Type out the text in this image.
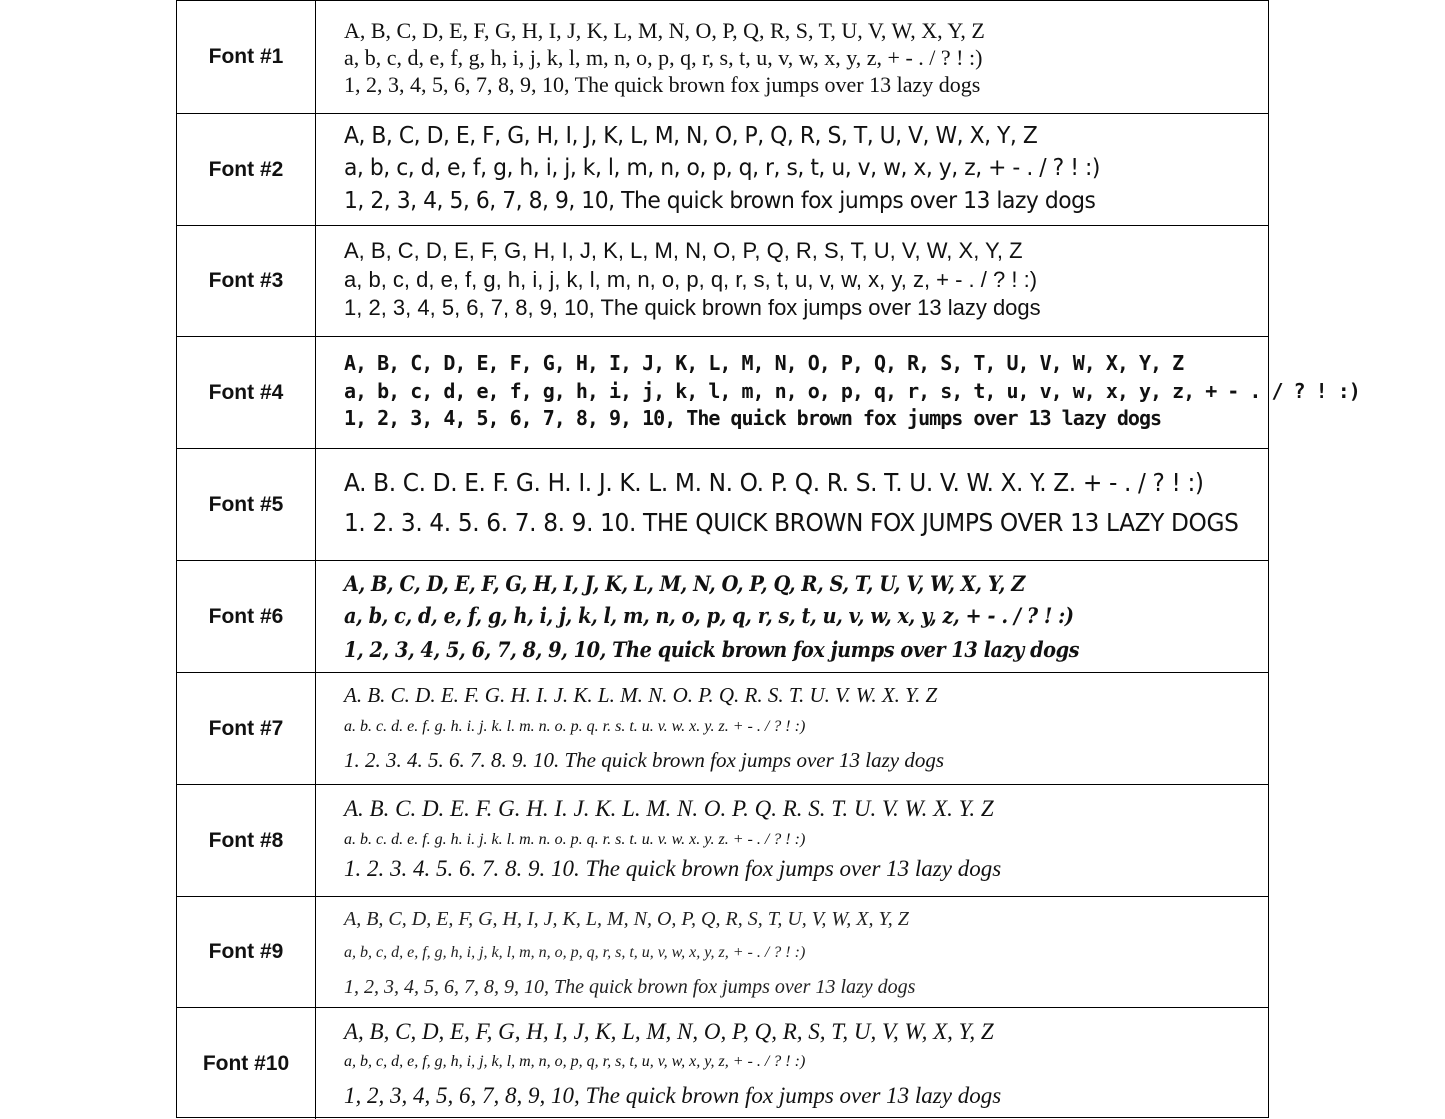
Font #1
A, B, C, D, E, F, G, H, I, J, K, L, M, N, O, P, Q, R, S, T, U, V, W, X, Y, Z
a, b, c, d, e, f, g, h, i, j, k, l, m, n, o, p, q, r, s, t, u, v, w, x, y, z, + - . / ? ! :)
1, 2, 3, 4, 5, 6, 7, 8, 9, 10, The quick brown fox jumps over 13 lazy dogs
Font #2
A, B, C, D, E, F, G, H, I, J, K, L, M, N, O, P, Q, R, S, T, U, V, W, X, Y, Z
a, b, c, d, e, f, g, h, i, j, k, l, m, n, o, p, q, r, s, t, u, v, w, x, y, z, + - . / ? ! :)
1, 2, 3, 4, 5, 6, 7, 8, 9, 10, The quick brown fox jumps over 13 lazy dogs
Font #3
A, B, C, D, E, F, G, H, I, J, K, L, M, N, O, P, Q, R, S, T, U, V, W, X, Y, Z
a, b, c, d, e, f, g, h, i, j, k, l, m, n, o, p, q, r, s, t, u, v, w, x, y, z, + - . / ? ! :)
1, 2, 3, 4, 5, 6, 7, 8, 9, 10, The quick brown fox jumps over 13 lazy dogs
Font #4
A, B, C, D, E, F, G, H, I, J, K, L, M, N, O, P, Q, R, S, T, U, V, W, X, Y, Z
a, b, c, d, e, f, g, h, i, j, k, l, m, n, o, p, q, r, s, t, u, v, w, x, y, z, + - . / ? ! :)
1, 2, 3, 4, 5, 6, 7, 8, 9, 10, The quick brown fox jumps over 13 lazy dogs
Font #5
A. B. C. D. E. F. G. H. I. J. K. L. M. N. O. P. Q. R. S. T. U. V. W. X. Y. Z. + - . / ? ! :)
1. 2. 3. 4. 5. 6. 7. 8. 9. 10. THE QUICK BROWN FOX JUMPS OVER 13 LAZY DOGS
Font #6
A, B, C, D, E, F, G, H, I, J, K, L, M, N, O, P, Q, R, S, T, U, V, W, X, Y, Z
a, b, c, d, e, f, g, h, i, j, k, l, m, n, o, p, q, r, s, t, u, v, w, x, y, z, + - . / ? ! :)
1, 2, 3, 4, 5, 6, 7, 8, 9, 10, The quick brown fox jumps over 13 lazy dogs
Font #7
A. B. C. D. E. F. G. H. I. J. K. L. M. N. O. P. Q. R. S. T. U. V. W. X. Y. Z
a. b. c. d. e. f. g. h. i. j. k. l. m. n. o. p. q. r. s. t. u. v. w. x. y. z. + - . / ? ! :)
1. 2. 3. 4. 5. 6. 7. 8. 9. 10. The quick brown fox jumps over 13 lazy dogs
Font #8
A. B. C. D. E. F. G. H. I. J. K. L. M. N. O. P. Q. R. S. T. U. V. W. X. Y. Z
a. b. c. d. e. f. g. h. i. j. k. l. m. n. o. p. q. r. s. t. u. v. w. x. y. z. + - . / ? ! :)
1. 2. 3. 4. 5. 6. 7. 8. 9. 10. The quick brown fox jumps over 13 lazy dogs
Font #9
A, B, C, D, E, F, G, H, I, J, K, L, M, N, O, P, Q, R, S, T, U, V, W, X, Y, Z
a, b, c, d, e, f, g, h, i, j, k, l, m, n, o, p, q, r, s, t, u, v, w, x, y, z, + - . / ? ! :)
1, 2, 3, 4, 5, 6, 7, 8, 9, 10, The quick brown fox jumps over 13 lazy dogs
Font #10
A, B, C, D, E, F, G, H, I, J, K, L, M, N, O, P, Q, R, S, T, U, V, W, X, Y, Z
a, b, c, d, e, f, g, h, i, j, k, l, m, n, o, p, q, r, s, t, u, v, w, x, y, z, + - . / ? ! :)
1, 2, 3, 4, 5, 6, 7, 8, 9, 10, The quick brown fox jumps over 13 lazy dogs
